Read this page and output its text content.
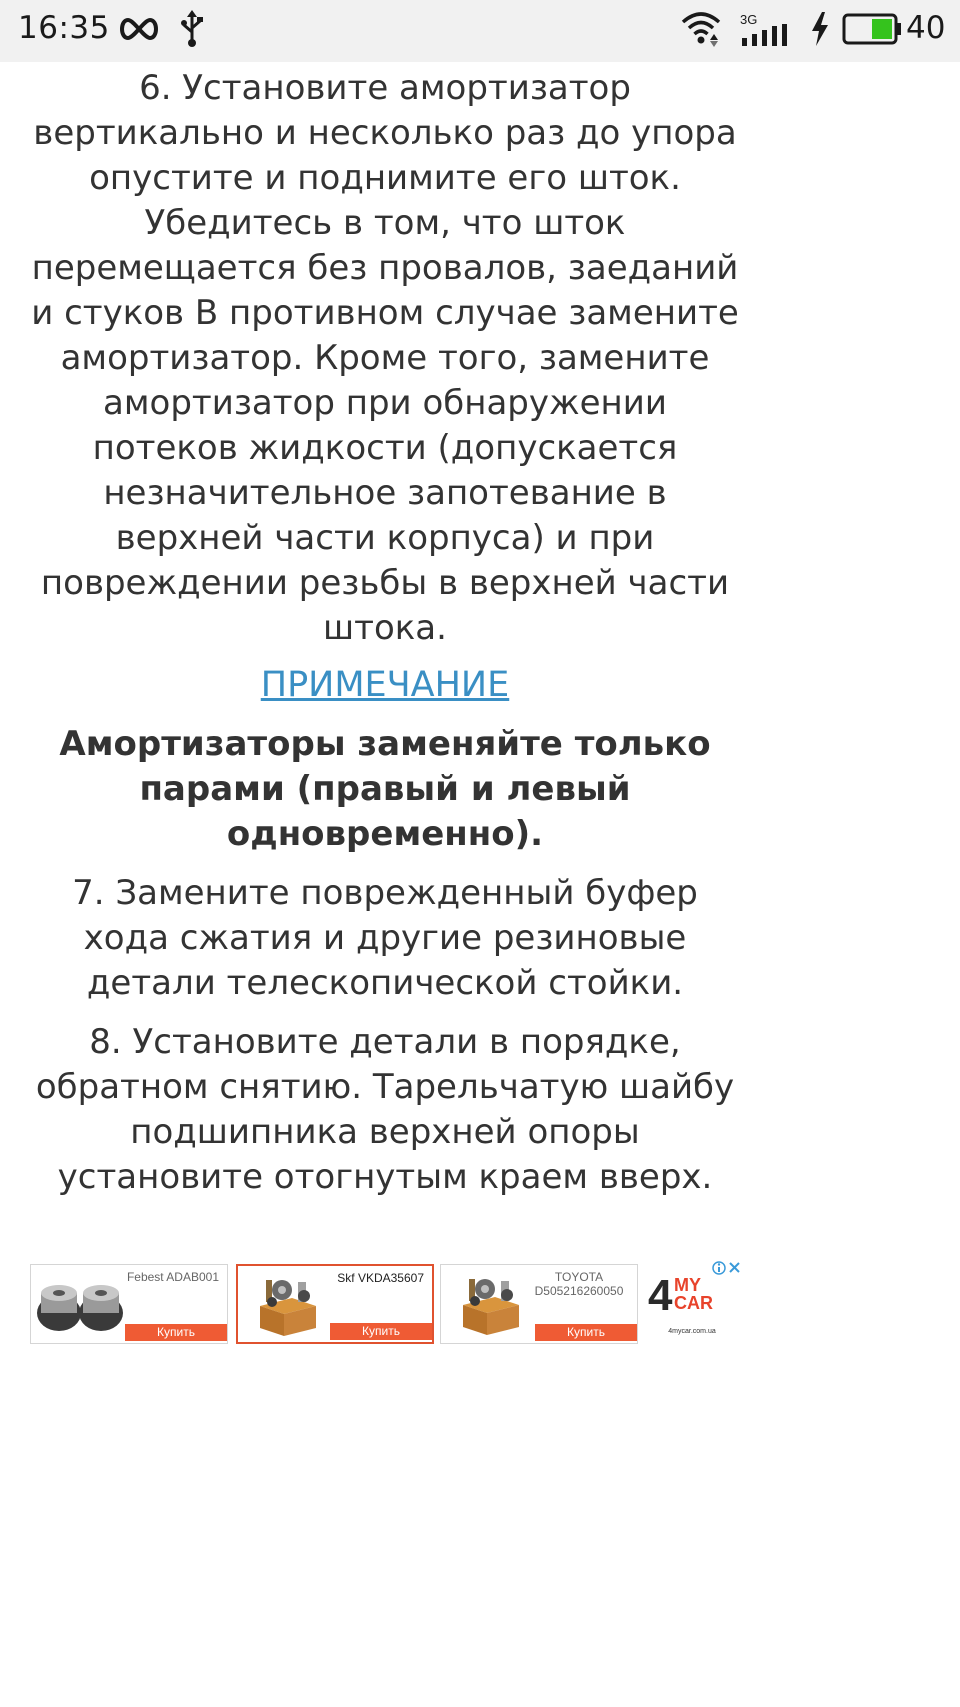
16:35	3G	40

6. Установите амортизатор вертикально и несколько раз до упора опустите и поднимите его шток. Убедитесь в том, что шток перемещается без провалов, заеданий и стуков В противном случае замените амортизатор. Кроме того, замените амортизатор при обнаружении потеков жидкости (допускается незначительное запотевание в верхней части корпуса) и при повреждении резьбы в верхней части штока.

ПРИМЕЧАНИЕ

Амортизаторы заменяйте только парами (правый и левый одновременно).

7. Замените поврежденный буфер хода сжатия и другие резиновые детали телескопической стойки.

8. Установите детали в порядке, обратном снятию. Тарельчатую шайбу подшипника верхней опоры установите отогнутым краем вверх.

Febest ADAB001
Купить
Skf VKDA35607
Купить
TOYOTA D505216260050
Купить
4 MY
CAR
4mycar.com.ua
